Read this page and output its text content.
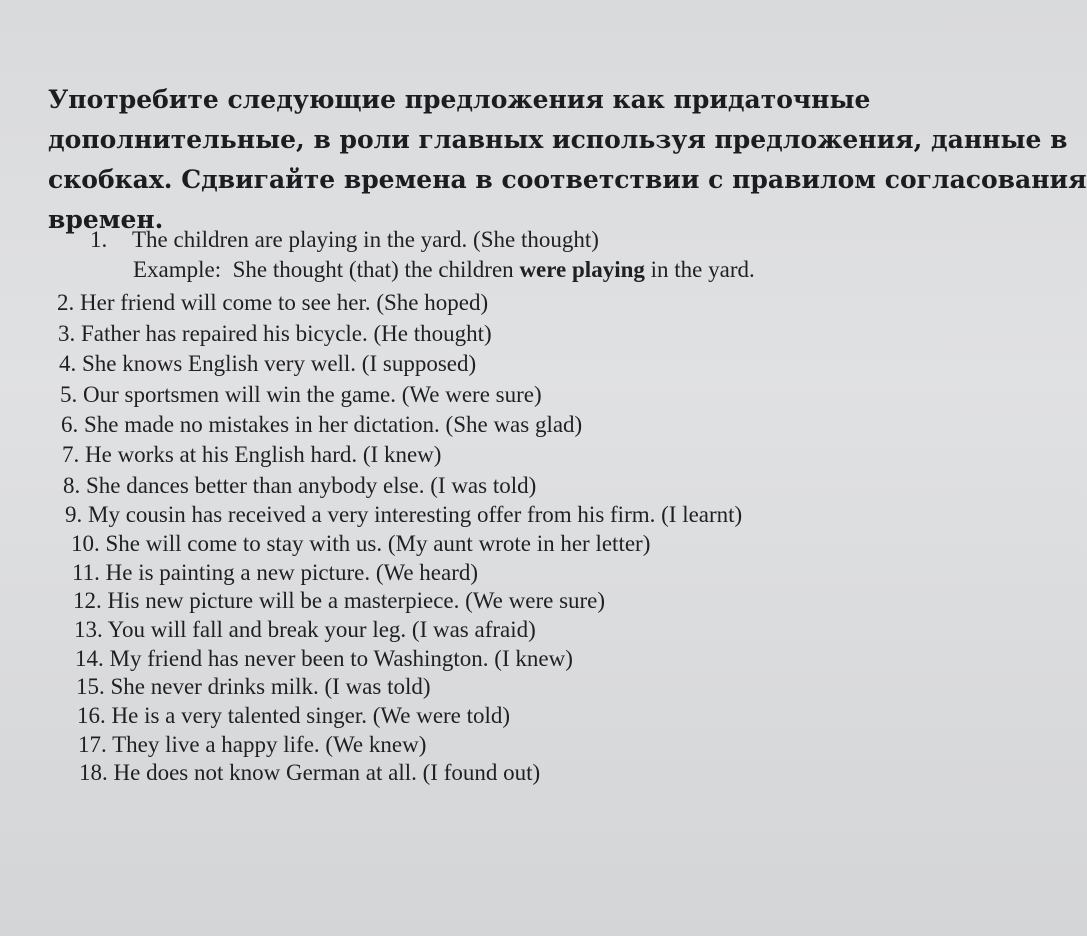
Употребите следующие предложения как придаточные
дополнительные, в роли главных используя предложения, данные в
скобках. Сдвигайте времена в соответствии с правилом согласования
времен.
1. The children are playing in the yard. (She thought)
Example:  She thought (that) the children were playing in the yard.
2. Her friend will come to see her. (She hoped)
3. Father has repaired his bicycle. (He thought)
4. She knows English very well. (I supposed)
5. Our sportsmen will win the game. (We were sure)
6. She made no mistakes in her dictation. (She was glad)
7. He works at his English hard. (I knew)
8. She dances better than anybody else. (I was told)
9. My cousin has received a very interesting offer from his firm. (I learnt)
10. She will come to stay with us. (My aunt wrote in her letter)
11. He is painting a new picture. (We heard)
12. His new picture will be a masterpiece. (We were sure)
13. You will fall and break your leg. (I was afraid)
14. My friend has never been to Washington. (I knew)
15. She never drinks milk. (I was told)
16. He is a very talented singer. (We were told)
17. They live a happy life. (We knew)
18. He does not know German at all. (I found out)
